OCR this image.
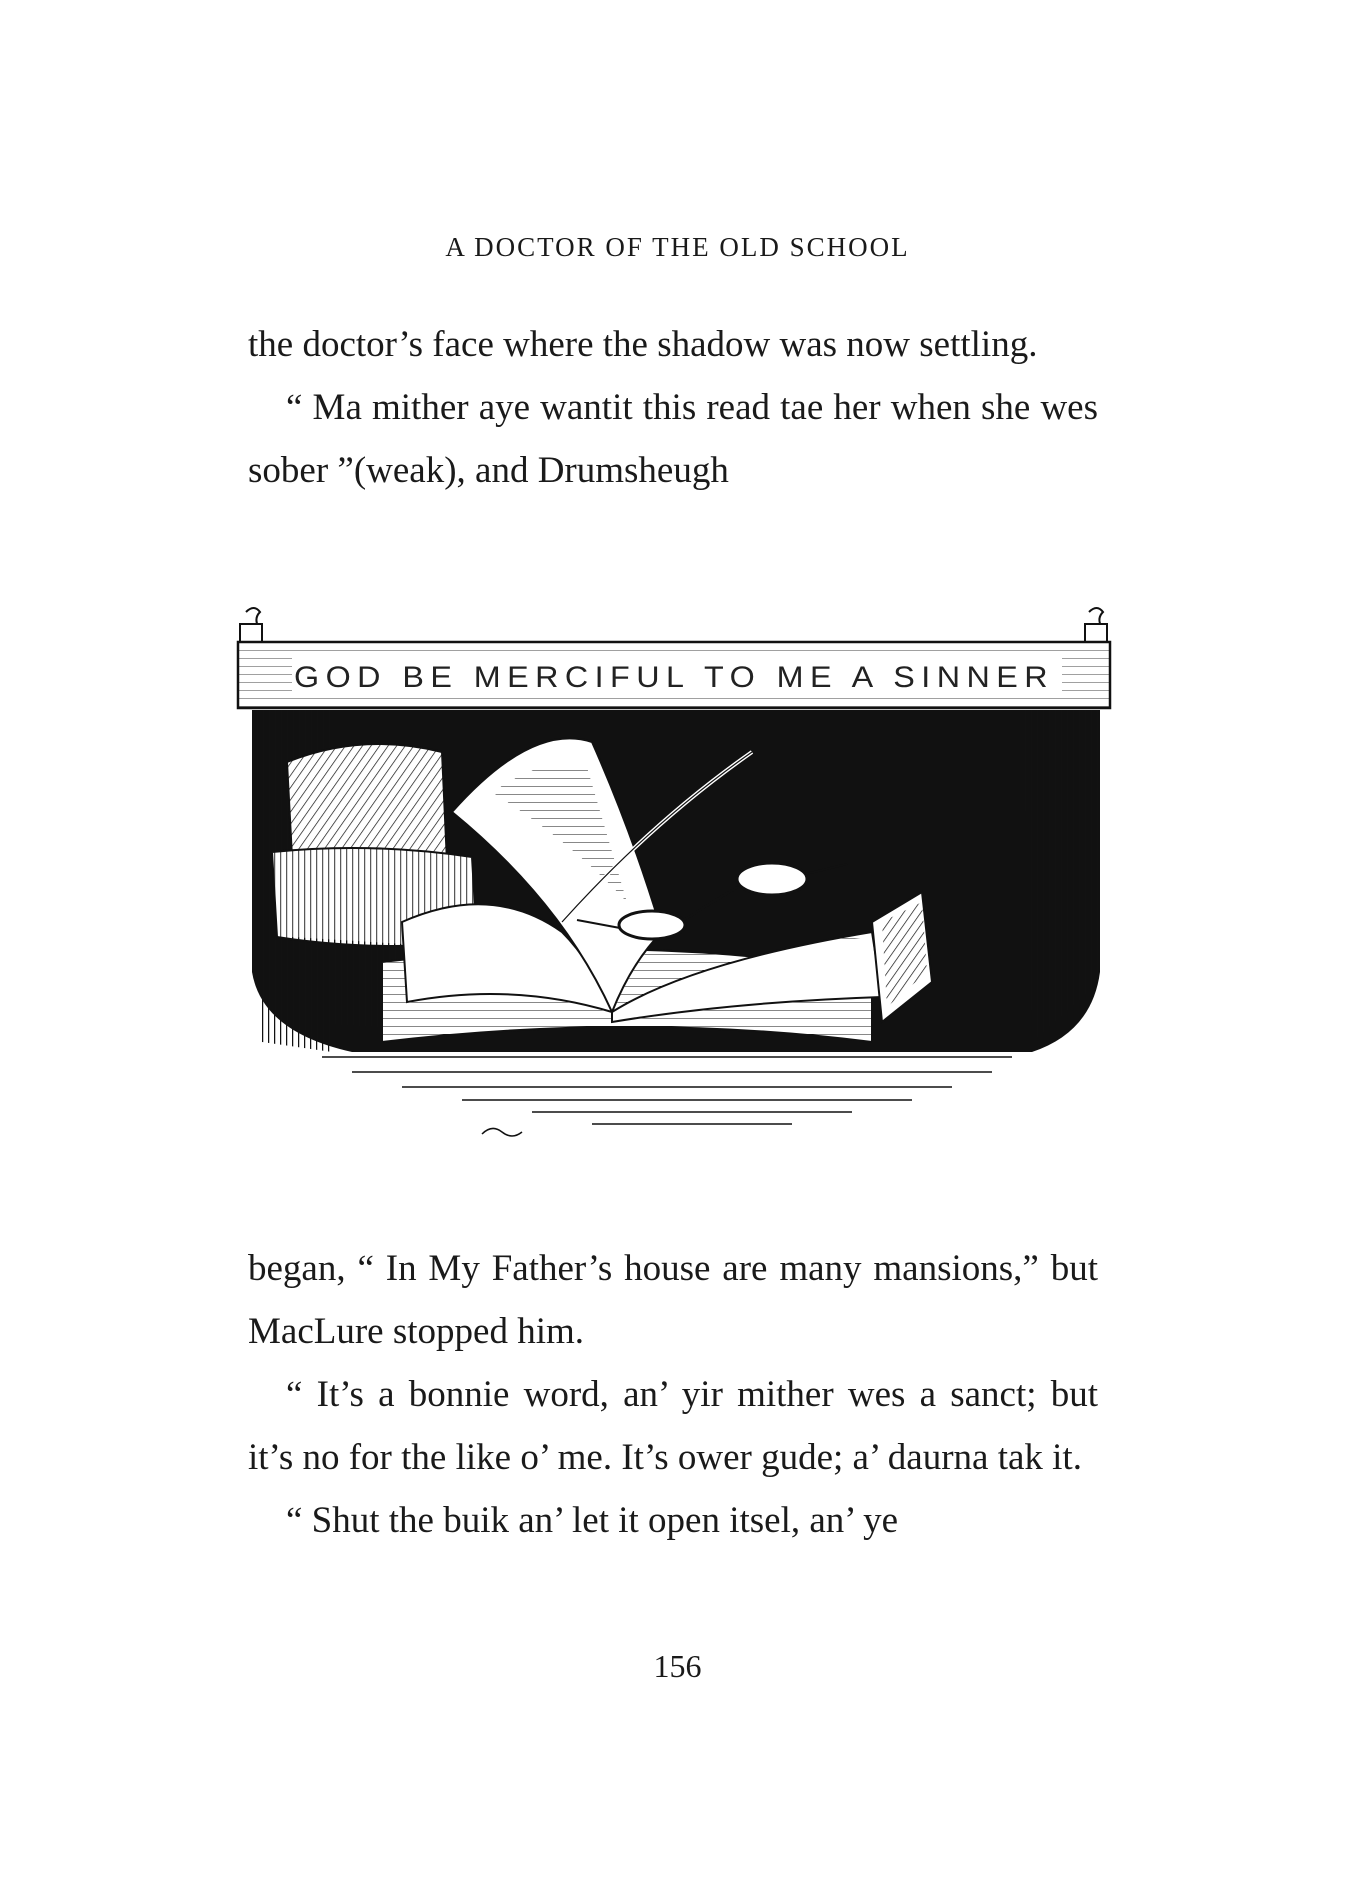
A DOCTOR OF THE OLD SCHOOL

the doctor’s face where the shadow was now settling.

“ Ma mither aye wantit this read tae her when she wes sober ”(weak), and Drumsheugh

GOD BE MERCIFUL TO ME A SINNER

began, “ In My Father’s house are many mansions,” but MacLure stopped him.

“ It’s a bonnie word, an’ yir mither wes a sanct; but it’s no for the like o’ me. It’s ower gude; a’ daurna tak it.

“ Shut the buik an’ let it open itsel, an’ ye

156
